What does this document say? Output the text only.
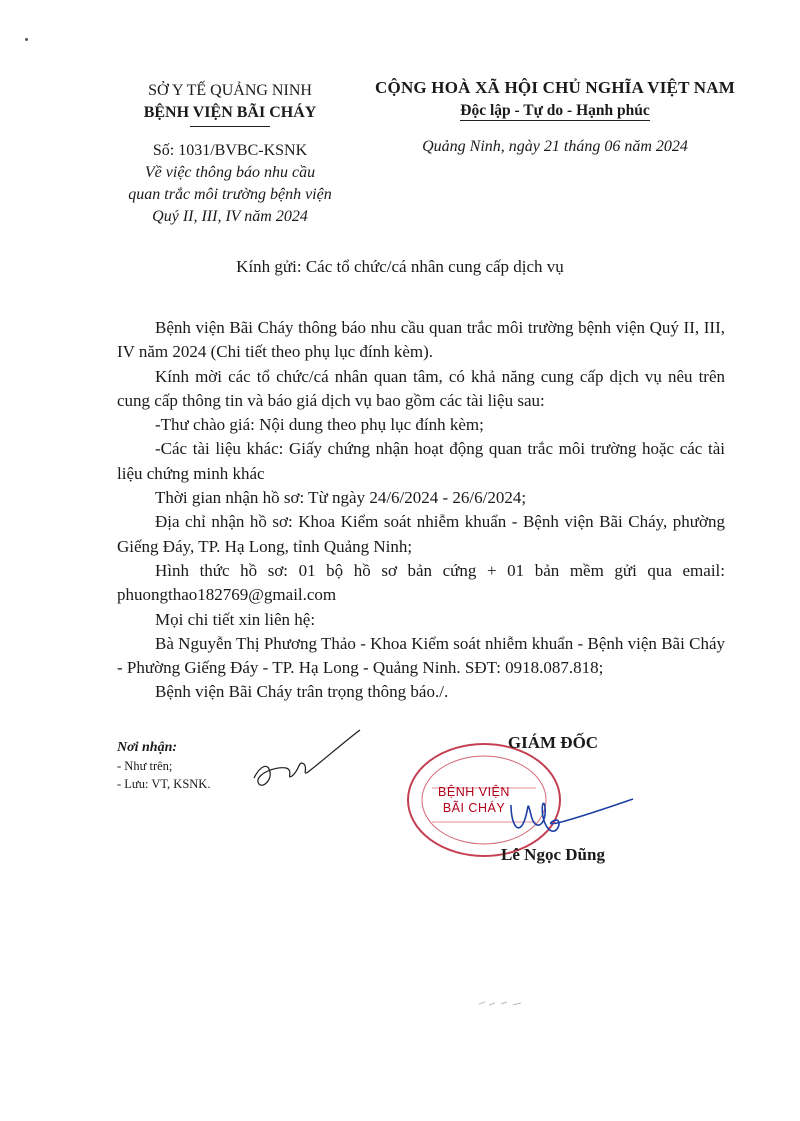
SỞ Y TẾ QUẢNG NINH
BỆNH VIỆN BÃI CHÁY
CỘNG HOÀ XÃ HỘI CHỦ NGHĨA VIỆT NAM
Độc lập - Tự do - Hạnh phúc
Số: 1031/BVBC-KSNK
Về việc thông báo nhu cầu
quan trắc môi trường bệnh viện
Quý II, III, IV năm 2024
Quảng Ninh, ngày 21 tháng 06 năm 2024
Kính gửi: Các tổ chức/cá nhân cung cấp dịch vụ

Bệnh viện Bãi Cháy thông báo nhu cầu quan trắc môi trường bệnh viện Quý II, III, IV năm 2024 (Chi tiết theo phụ lục đính kèm).

Kính mời các tổ chức/cá nhân quan tâm, có khả năng cung cấp dịch vụ nêu trên cung cấp thông tin và báo giá dịch vụ bao gồm các tài liệu sau:

-Thư chào giá: Nội dung theo phụ lục đính kèm;

-Các tài liệu khác: Giấy chứng nhận hoạt động quan trắc môi trường hoặc các tài liệu chứng minh khác

Thời gian nhận hồ sơ: Từ ngày 24/6/2024 - 26/6/2024;

Địa chỉ nhận hồ sơ: Khoa Kiểm soát nhiễm khuẩn - Bệnh viện Bãi Cháy, phường Giếng Đáy, TP. Hạ Long, tỉnh Quảng Ninh;

Hình thức hồ sơ: 01 bộ hồ sơ bản cứng + 01 bản mềm gửi qua email: phuongthao182769@gmail.com

Mọi chi tiết xin liên hệ:

Bà Nguyễn Thị Phương Thảo - Khoa Kiểm soát nhiễm khuẩn - Bệnh viện Bãi Cháy - Phường Giếng Đáy - TP. Hạ Long - Quảng Ninh. SĐT: 0918.087.818;

Bệnh viện Bãi Cháy trân trọng thông báo./.

Nơi nhận:
- Như trên;
- Lưu: VT, KSNK.
BỆNH VIỆN
BÃI CHÁY
GIÁM ĐỐC
Lê Ngọc Dũng
